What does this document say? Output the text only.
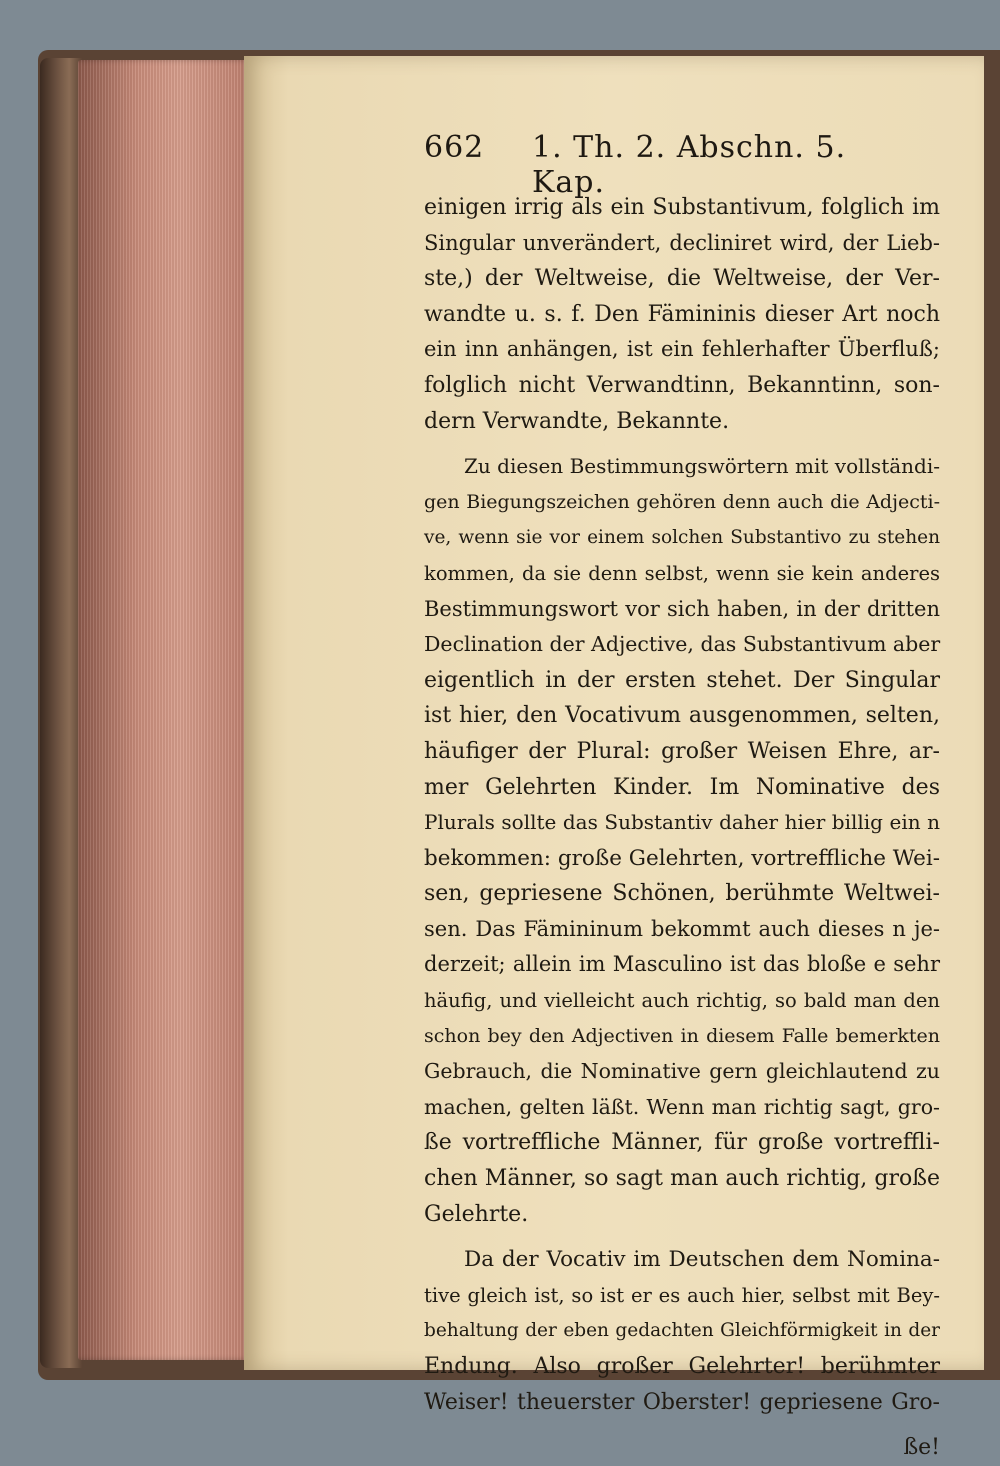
662 1. Th. 2. Abschn. 5. Kap.
einigen irrig als ein Substantivum, folglich im
Singular unverändert, decliniret wird, der Lieb-
ste,) der Weltweise, die Weltweise, der Ver-
wandte u. s. f. Den Fämininis dieser Art noch
ein inn anhängen, ist ein fehlerhafter Überfluß;
folglich nicht Verwandtinn, Bekanntinn, son-
dern Verwandte, Bekannte.
Zu diesen Bestimmungswörtern mit vollständi-
gen Biegungszeichen gehören denn auch die Adjecti-
ve, wenn sie vor einem solchen Substantivo zu stehen
kommen, da sie denn selbst, wenn sie kein anderes
Bestimmungswort vor sich haben, in der dritten
Declination der Adjective, das Substantivum aber
eigentlich in der ersten stehet. Der Singular
ist hier, den Vocativum ausgenommen, selten,
häufiger der Plural: großer Weisen Ehre, ar-
mer Gelehrten Kinder. Im Nominative des
Plurals sollte das Substantiv daher hier billig ein n
bekommen: große Gelehrten, vortreffliche Wei-
sen, gepriesene Schönen, berühmte Weltwei-
sen. Das Fämininum bekommt auch dieses n je-
derzeit; allein im Masculino ist das bloße e sehr
häufig, und vielleicht auch richtig, so bald man den
schon bey den Adjectiven in diesem Falle bemerkten
Gebrauch, die Nominative gern gleichlautend zu
machen, gelten läßt. Wenn man richtig sagt, gro-
ße vortreffliche Männer, für große vortreffli-
chen Männer, so sagt man auch richtig, große
Gelehrte.
Da der Vocativ im Deutschen dem Nomina-
tive gleich ist, so ist er es auch hier, selbst mit Bey-
behaltung der eben gedachten Gleichförmigkeit in der
Endung. Also großer Gelehrter! berühmter
Weiser! theuerster Oberster! gepriesene Gro-
ße!
